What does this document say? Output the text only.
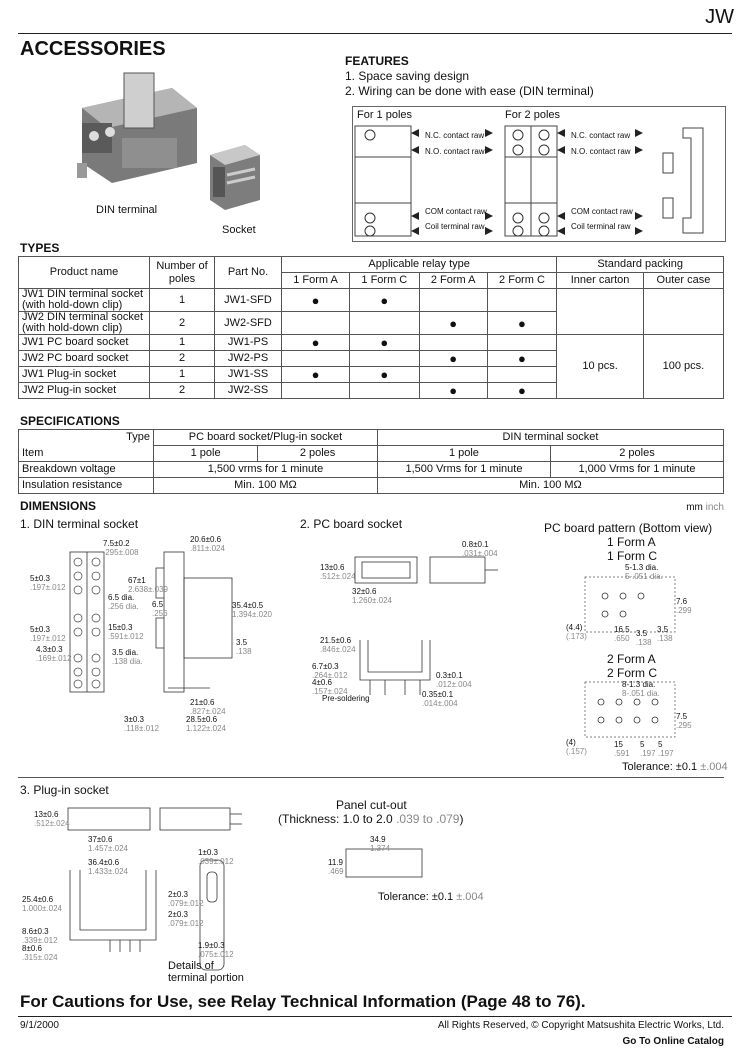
JW
ACCESSORIES
DIN terminal
Socket
FEATURES
1. Space saving design
2. Wiring can be done with ease (DIN terminal)
For 1 poles	For 2 poles
N.C. contact raw
N.O. contact raw
COM contact raw
Coil terminal raw
N.C. contact raw
N.O. contact raw
COM contact raw
Coil terminal raw
TYPES
Product name	Number of poles	Part No.	Applicable relay type				Standard packing	
			1 Form A	1 Form C	2 Form A	2 Form C	Inner carton	Outer case
JW1 DIN terminal socket (with hold-down clip)	1	JW1-SFD	●	●				
JW2 DIN terminal socket (with hold-down clip)	2	JW2-SFD			●	●		
JW1 PC board socket	1	JW1-PS	●	●			10 pcs.	100 pcs.
JW2 PC board socket	2	JW2-PS			●	●		
JW1 Plug-in socket	1	JW1-SS	●	●				
JW2 Plug-in socket	2	JW2-SS			●	●		
SPECIFICATIONS
Type	PC board socket/Plug-in socket		DIN terminal socket	
Item	1 pole	2 poles	1 pole	2 poles
Breakdown voltage	1,500 vrms for 1 minute		1,500 Vrms for 1 minute	1,000 Vrms for 1 minute
Insulation resistance	Min. 100 MΩ		Min. 100 MΩ	
DIMENSIONS	mm inch
1. DIN terminal socket	2. PC board socket	PC board pattern (Bottom view)
1 Form A
1 Form C
2 Form A
2 Form C
7.5±0.2
.295±.008
20.6±0.6
.811±.024
67±1
2.638±.039
5±0.3
.197±.012
6.5 dia.
.256 dia. 6.5
.256
35.4±0.5
1.394±.020
5±0.3
.197±.012
15±0.3
.591±.012
4.3±0.3
.169±.012
3.5 dia.
.138 dia.
3.5
.138
21±0.6
.827±.024
3±0.3
.118±.012
28.5±0.6
1.122±.024
0.8±0.1
.031±.004
13±0.6
.512±.024
32±0.6
1.260±.024
21.5±0.6
.846±.024
6.7±0.3
.264±.012
4±0.6
.157±.024
0.3±0.1
.012±.004
0.35±0.1
.014±.004
Pre-soldering
5-1.3 dia.
5-.051 dia.
7.6
.299
(4.4)
(.173)
16.5
.650
3.5
.138
3.5
.138
8-1.3 dia.
8-.051 dia.
7.5
.295
(4)
(.157)
15
.591
5
.197
5
.197
Tolerance: ±0.1 ±.004
3. Plug-in socket
13±0.6
.512±.024
37±0.6
1.457±.024
36.4±0.6
1.433±.024
25.4±0.6
1.000±.024
8.6±0.3
.339±.012
8±0.6
.315±.024
1±0.3
.039±.012
2±0.3
.079±.012
2±0.3
.079±.012
1.9±0.3
.075±.012
Details of terminal portion
Panel cut-out
(Thickness: 1.0 to 2.0 .039 to .079)
34.9
1.374
11.9
.469
Tolerance: ±0.1 ±.004
For Cautions for Use, see Relay Technical Information (Page 48 to 76).
9/1/2000	All Rights Reserved, © Copyright Matsushita Electric Works, Ltd.
Go To Online Catalog
